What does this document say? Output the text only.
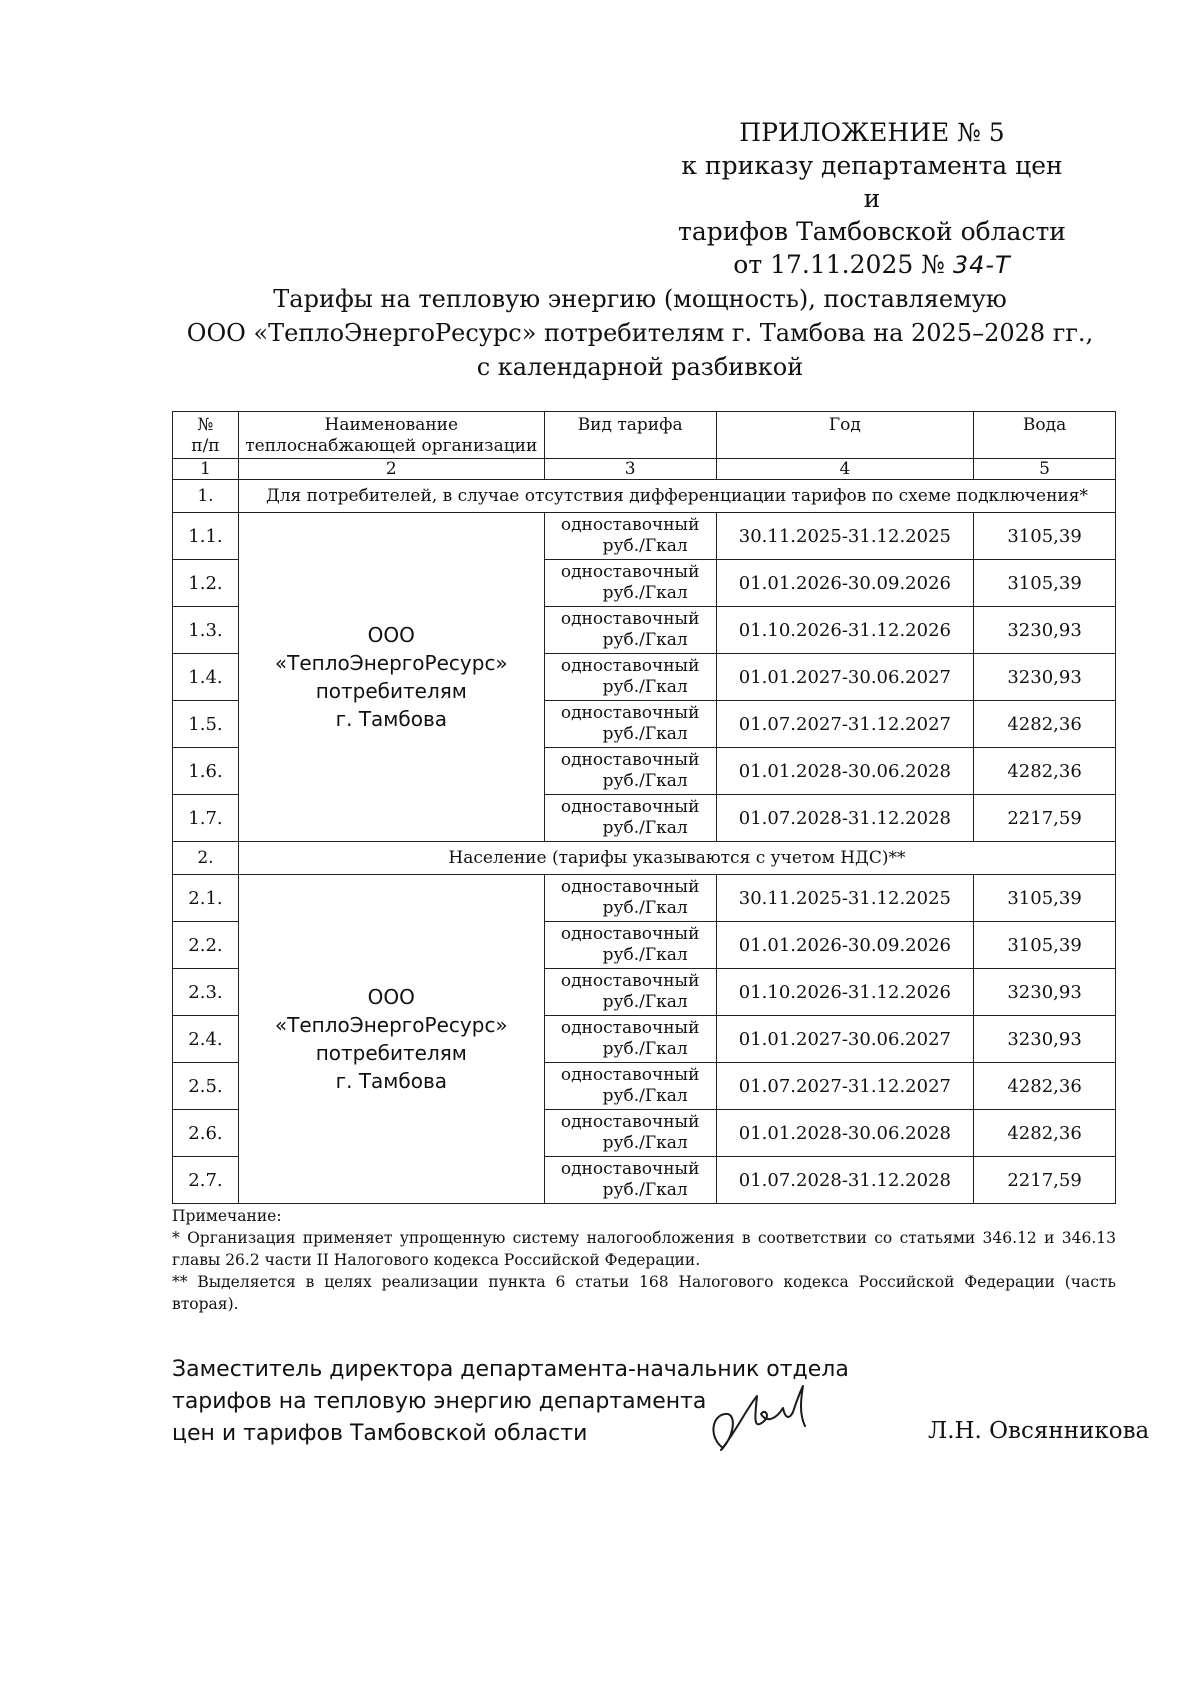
ПРИЛОЖЕНИЕ № 5
к приказу департамента цен и
тарифов Тамбовской области
от 17.11.2025 № 34-Т
Тарифы на тепловую энергию (мощность), поставляемую
ООО «ТеплоЭнергоРесурс» потребителям г. Тамбова на 2025–2028 гг.,
с календарной разбивкой
№
п/п	Наименование
теплоснабжающей организации	Вид тарифа	Год	Вода
1	2	3	4	5
1.	Для потребителей, в случае отсутствия дифференциации тарифов по схеме подключения*			
1.1.	ООО
«ТеплоЭнергоРесурс»
потребителям
г. Тамбова	одноставочный
руб./Гкал	30.11.2025-31.12.2025	3105,39
1.2.		одноставочный
руб./Гкал	01.01.2026-30.09.2026	3105,39
1.3.		одноставочный
руб./Гкал	01.10.2026-31.12.2026	3230,93
1.4.		одноставочный
руб./Гкал	01.01.2027-30.06.2027	3230,93
1.5.		одноставочный
руб./Гкал	01.07.2027-31.12.2027	4282,36
1.6.		одноставочный
руб./Гкал	01.01.2028-30.06.2028	4282,36
1.7.		одноставочный
руб./Гкал	01.07.2028-31.12.2028	2217,59
2.	Население (тарифы указываются с учетом НДС)**			
2.1.	ООО
«ТеплоЭнергоРесурс»
потребителям
г. Тамбова	одноставочный
руб./Гкал	30.11.2025-31.12.2025	3105,39
2.2.		одноставочный
руб./Гкал	01.01.2026-30.09.2026	3105,39
2.3.		одноставочный
руб./Гкал	01.10.2026-31.12.2026	3230,93
2.4.		одноставочный
руб./Гкал	01.01.2027-30.06.2027	3230,93
2.5.		одноставочный
руб./Гкал	01.07.2027-31.12.2027	4282,36
2.6.		одноставочный
руб./Гкал	01.01.2028-30.06.2028	4282,36
2.7.		одноставочный
руб./Гкал	01.07.2028-31.12.2028	2217,59

Примечание:

* Организация применяет упрощенную систему налогообложения в соответствии со статьями 346.12 и 346.13 главы 26.2 части II Налогового кодекса Российской Федерации.

** Выделяется в целях реализации пункта 6 статьи 168 Налогового кодекса Российской Федерации (часть вторая).

Заместитель директора департамента-начальник отдела
тарифов на тепловую энергию департамента
цен и тарифов Тамбовской области	Л.Н. Овсянникова
